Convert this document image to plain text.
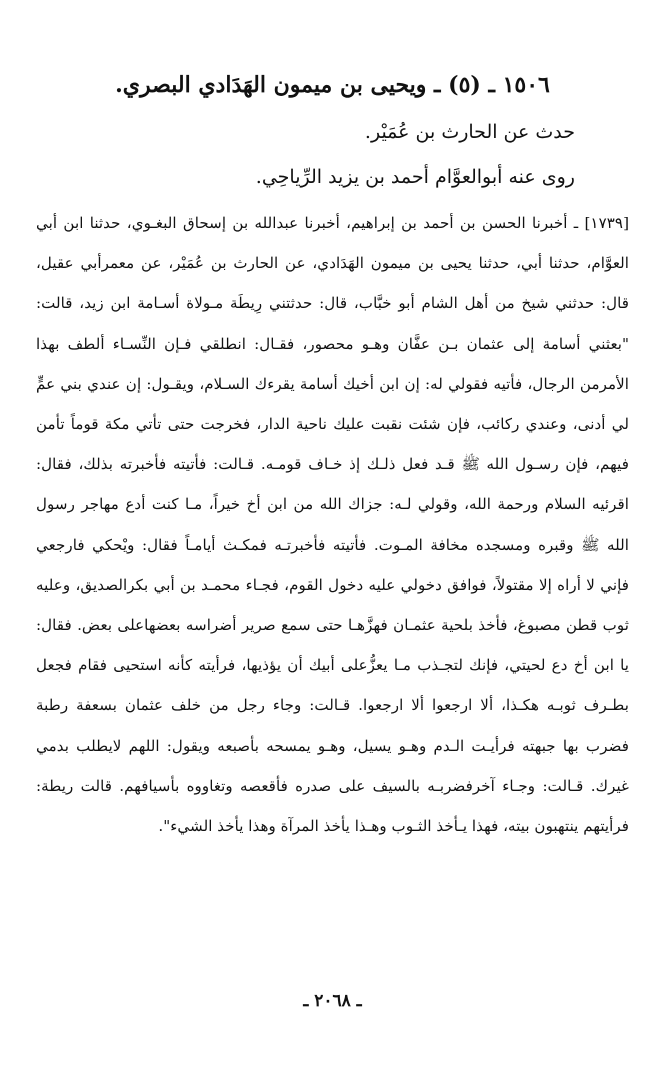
١٥٠٦ ـ (٥) ـ ويحيى بن ميمون الهَدَادي البصري.
حدث عن الحارث بن عُمَيْر.
روى عنه أبوالعوَّام أحمد بن يزيد الرِّياحِي.

[١٧٣٩] ـ أخبرنا الحسن بن أحمد بن إبراهيم، أخبرنا عبدالله بن إسحاق البغـوي، حدثنا ابن أبي العوَّام، حدثنا أبي، حدثنا يحيى بن ميمون الهَدَادي، عن الحارث بن عُمَيْر، عن معمرأبي عقيل، قال: حدثني شيخ من أهل الشام أبو خبَّاب، قال: حدثتني رِيطَة مـولاة أسـامة ابن زيد، قالت: "بعثني أسامة إلى عثمان بـن عفَّان وهـو محصور، فقـال: انطلقي فـإن النِّسـاء ألطف بهذا الأمرمن الرجال، فأتيه فقولي له: إن ابن أخيك أسامة يقرءك السـلام، ويقـول: إن عندي بني عمٍّ لي أدنى، وعندي ركائب، فإن شئت نقبت عليك ناحية الدار، فخرجت حتى تأتي مكة قوماً تأمن فيهم، فإن رسـول الله ﷺ قـد فعل ذلـك إذ خـاف قومـه. قـالت: فأتيته فأخبرته بذلك، فقال: اقرئيه السلام ورحمة الله، وقولي لـه: جزاك الله من ابن أخ خيراً، مـا كنت أدع مهاجر رسول الله ﷺ وقبره ومسجده مخافة المـوت. فأتيته فأخبرتـه فمكـث أيامـاً فقال: ويْحكي فارجعي فإني لا أراه إلا مقتولاً، فوافق دخولي عليه دخول القوم، فجـاء محمـد بن أبي بكرالصديق، وعليه ثوب قطن مصبوغ، فأخذ بلحية عثمـان فهزَّهـا حتى سمع صرير أضراسه بعضهاعلى بعض. فقال: يا ابن أخ دع لحيتي، فإنك لتجـذب مـا يعزُّعلى أبيك أن يؤذيها، فرأيته كأنه استحيى فقام فجعل بطـرف ثوبـه هكـذا، ألا ارجعوا ألا ارجعوا. قـالت: وجاء رجل من خلف عثمان بسعفة رطبة فضرب بها جبهته فرأيـت الـدم وهـو يسيل، وهـو يمسحه بأصبعه ويقول: اللهم لايطلب بدمي غيرك. قـالت: وجـاء آخرفضربـه بالسيف على صدره فأقعصه وتغاووه بأسيافهم. قالت ريطة: فرأيتهم ينتهبون بيته، فهذا يـأخذ الثـوب وهـذا يأخذ المرآة وهذا يأخذ الشيء".

ـ ٢٠٦٨ ـ
